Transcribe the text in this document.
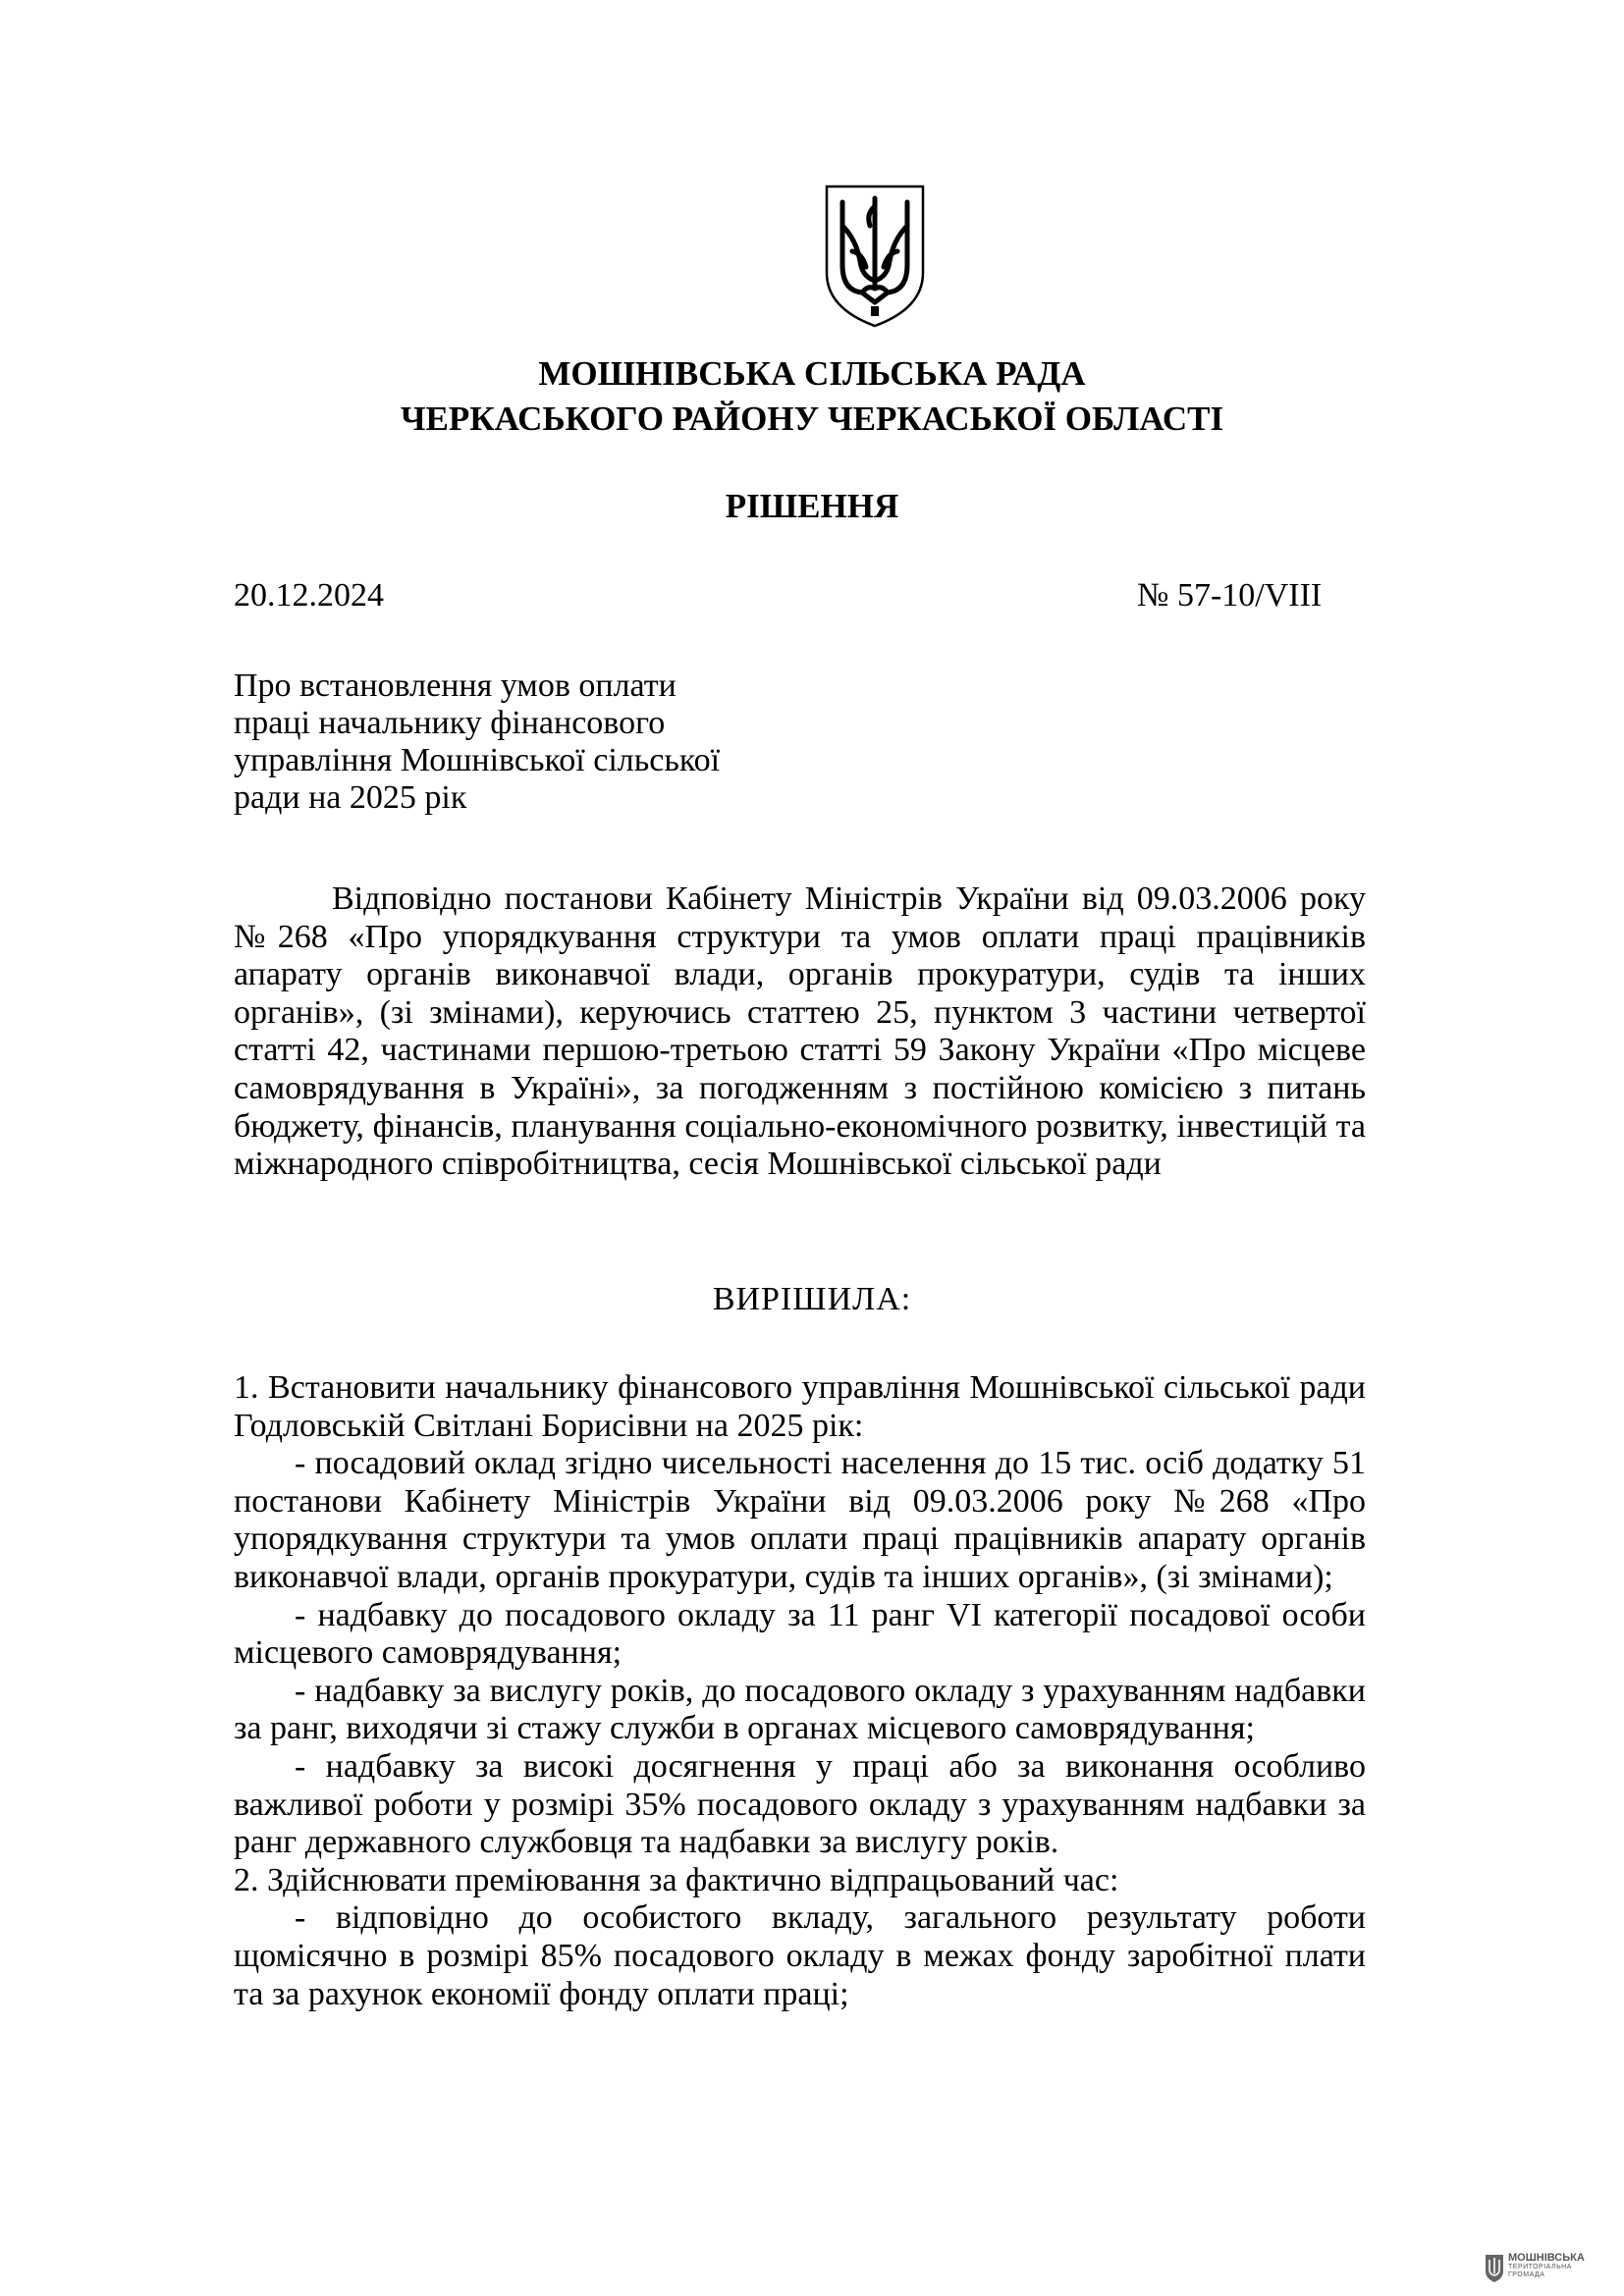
МОШНІВСЬКА СІЛЬСЬКА РАДА
ЧЕРКАСЬКОГО РАЙОНУ ЧЕРКАСЬКОЇ ОБЛАСТІ
РІШЕННЯ
20.12.2024	№ 57-10/VIII
Про встановлення умов оплати
праці начальнику фінансового
управління Мошнівської сільської
ради на 2025 рік
Відповідно постанови Кабінету Міністрів України від 09.03.2006 року №268 «Про упорядкування структури та умов оплати праці працівників апарату органів виконавчої влади, органів прокуратури, судів та інших органів», (зі змінами), керуючись статтею 25, пунктом 3 частини четвертої статті 42, частинами першою-третьою статті 59 Закону України «Про місцеве самоврядування в Україні», за погодженням з постійною комісією з питань бюджету, фінансів, планування соціально-економічного розвитку, інвестицій та міжнародного співробітництва, сесія Мошнівської сільської ради
ВИРІШИЛА:

1. Встановити начальнику фінансового управління Мошнівської сільської ради Годловській Світлані Борисівни на 2025 рік:

- посадовий оклад згідно чисельності населення до 15 тис. осіб додатку 51 постанови Кабінету Міністрів України від 09.03.2006 року №268 «Про упорядкування структури та умов оплати праці працівників апарату органів виконавчої влади, органів прокуратури, судів та інших органів», (зі змінами);

- надбавку до посадового окладу за 11 ранг VI категорії посадової особи місцевого самоврядування;

- надбавку за вислугу років, до посадового окладу з урахуванням надбавки за ранг, виходячи зі стажу служби в органах місцевого самоврядування;

- надбавку за високі досягнення у праці або за виконання особливо важливої роботи у розмірі 35% посадового окладу з урахуванням надбавки за ранг державного службовця та надбавки за вислугу років.

2. Здійснювати преміювання за фактично відпрацьований час:

- відповідно до особистого вкладу, загального результату роботи щомісячно в розмірі 85% посадового окладу в межах фонду заробітної плати та за рахунок економії фонду оплати праці;

МОШНІВСЬКА
ТЕРИТОРІАЛЬНА
ГРОМАДА
